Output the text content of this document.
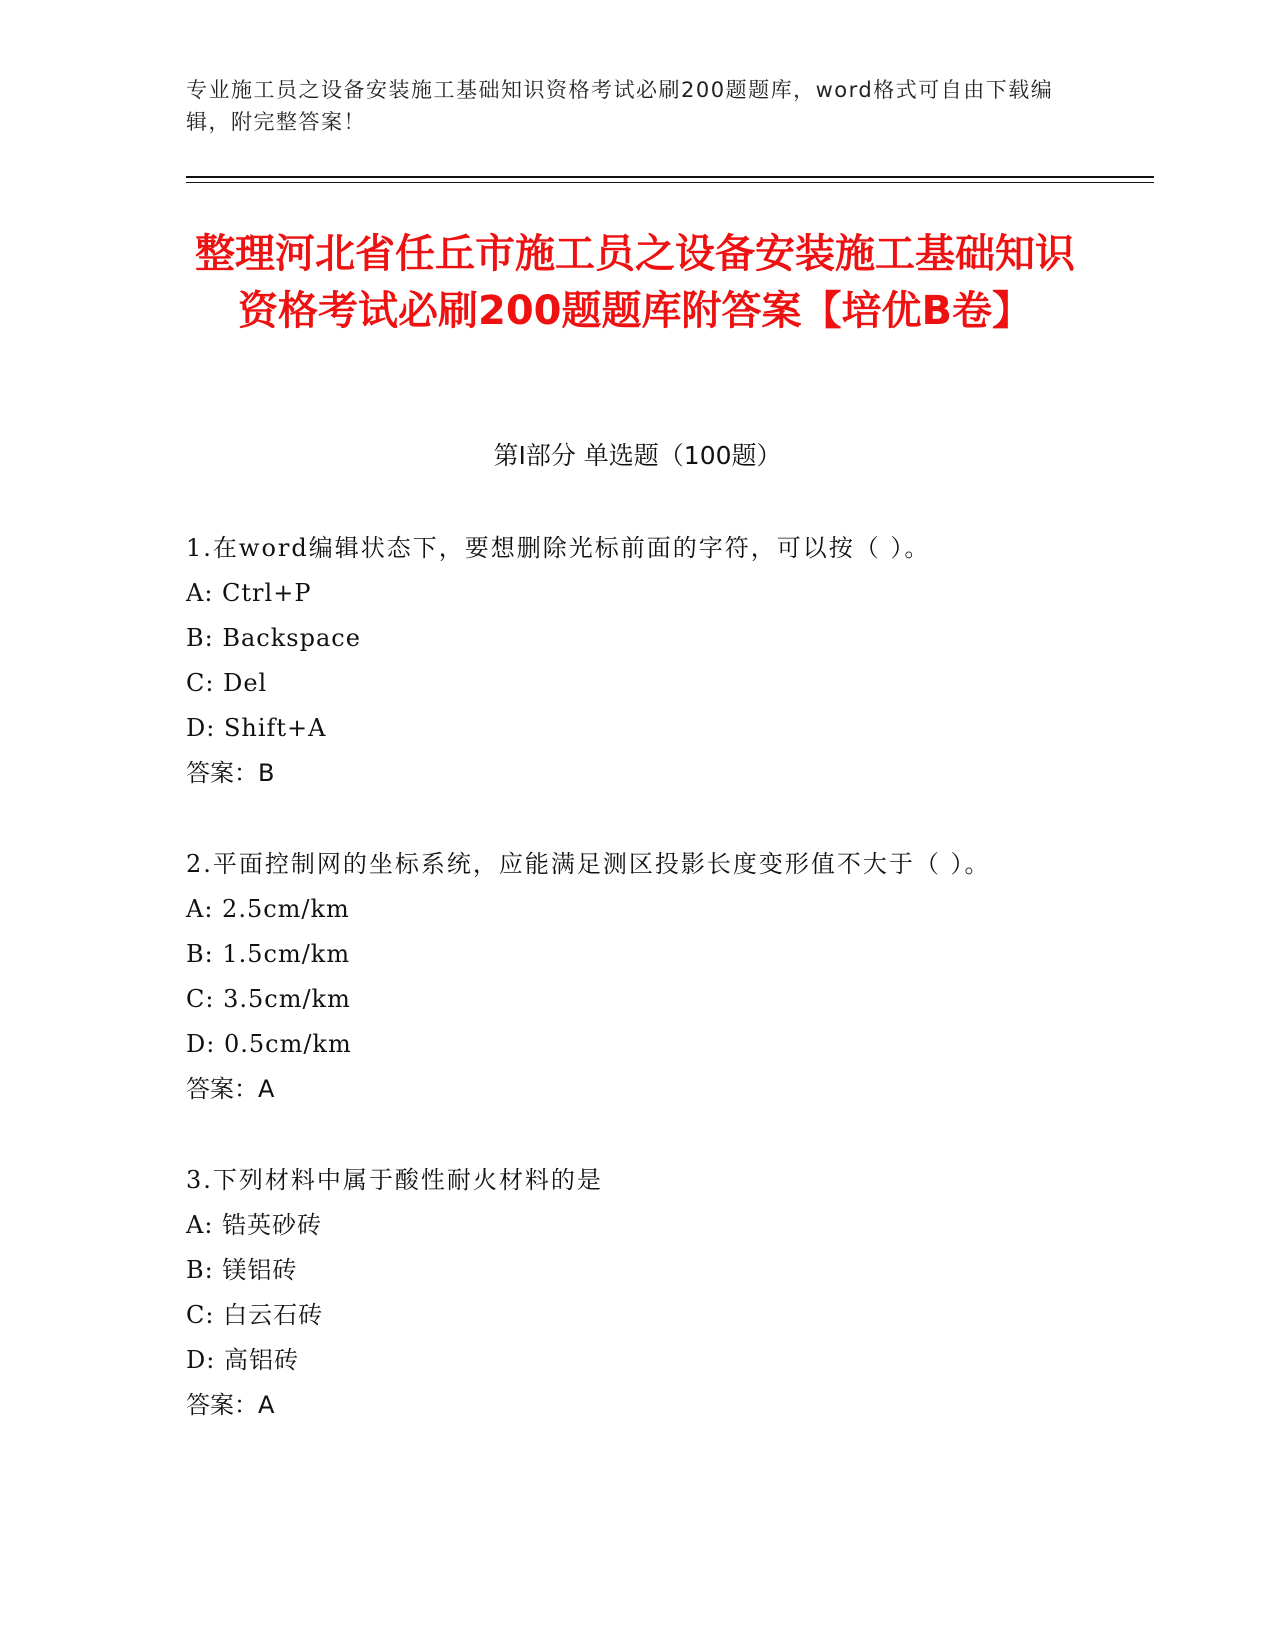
专业施工员之设备安装施工基础知识资格考试必刷200题题库，word格式可自由下载编辑，附完整答案！
整理河北省任丘市施工员之设备安装施工基础知识资格考试必刷200题题库附答案【培优B卷】
第Ⅰ部分 单选题（100题）
1.在word编辑状态下，要想删除光标前面的字符，可以按（ ）。
A: Ctrl+P
B: Backspace
C: Del
D: Shift+A
答案：B
2.平面控制网的坐标系统，应能满足测区投影长度变形值不大于（ ）。
A: 2.5cm/km
B: 1.5cm/km
C: 3.5cm/km
D: 0.5cm/km
答案：A
3.下列材料中属于酸性耐火材料的是
A: 锆英砂砖
B: 镁铝砖
C: 白云石砖
D: 高铝砖
答案：A
